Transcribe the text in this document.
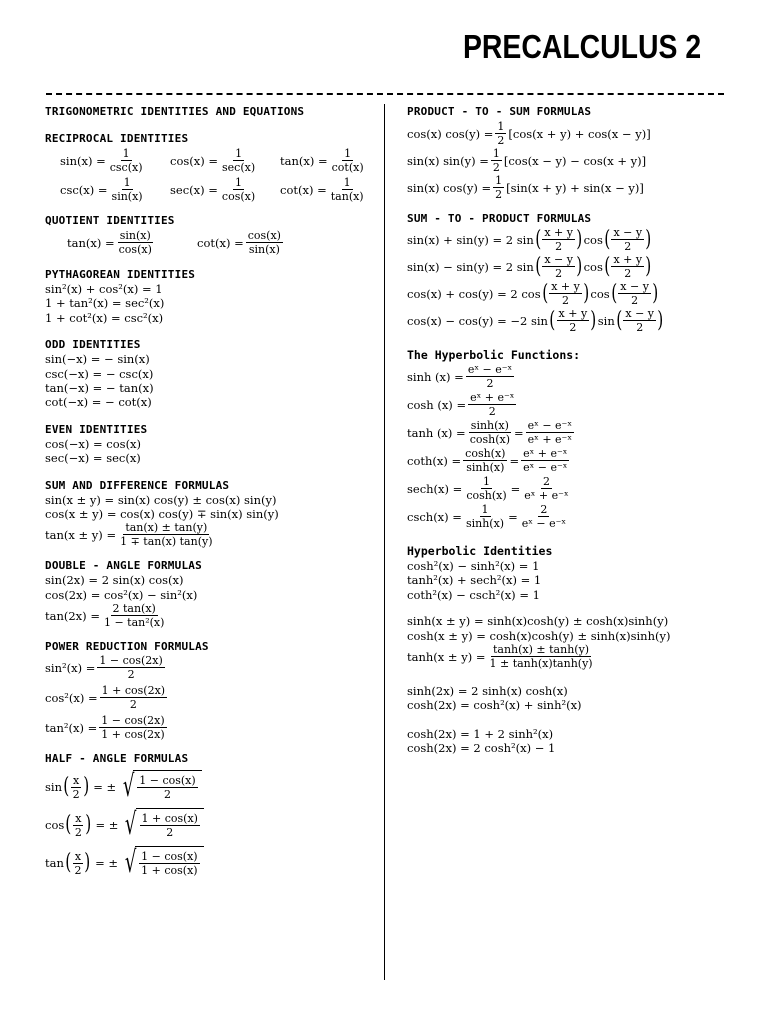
PRECALCULUS 2
TRIGONOMETRIC IDENTITIES AND EQUATIONS
RECIPROCAL IDENTITIES
$\sin(x) = \frac{1}{\csc(x)} \cos(x) = \frac{1}{\sec(x)} \tan(x) = \frac{1}{\cot(x)}$
$\csc(x) = \frac{1}{\sin(x)} \sec(x) = \frac{1}{\cos(x)} \cot(x) = \frac{1}{\tan(x)}$
QUOTIENT IDENTITIES
$\tan(x) = \frac{\sin(x)}{\cos(x)}$	$\cot(x) = \frac{\cos(x)}{\sin(x)}$
PYTHAGOREAN IDENTITIES
sin²(x) + cos²(x) = 1
1 + tan²(x) = sec²(x)
1 + cot²(x) = csc²(x)
ODD IDENTITIES
sin(−x) = − sin(x)
csc(−x) = − csc(x)
tan(−x) = − tan(x)
cot(−x) = − cot(x)
EVEN IDENTITIES
cos(−x) = cos(x)
sec(−x) = sec(x)
SUM AND DIFFERENCE FORMULAS
sin(x ± y) = sin(x) cos(y) ± cos(x) sin(y)
cos(x ± y) = cos(x) cos(y) ∓ sin(x) sin(y)
$\tan(x \pm y) = \frac{\tan(x) \pm \tan(y)}{1 \mp \tan(x) \tan(y)}$
DOUBLE - ANGLE FORMULAS
sin(2x) = 2 sin(x) cos(x)
cos(2x) = cos²(x) − sin²(x)
$\tan(2x) = \frac{2 \tan(x)}{\text{1 − tan²(x)}}$
POWER REDUCTION FORMULAS
$\sin^2(x) = \frac{1 - \cos(2x)}{2}$
$\cos^2(x) = \frac{1 + \cos(2x)}{2}$
$\tan^2(x) = \frac{1 - \cos(2x)}{1 + \cos(2x)}$
HALF - ANGLE FORMULAS
sin ( $\frac{x}{2}$ ) = ± √ $\frac{1 - \cos(x)}{2}$
cos ( $\frac{x}{2}$ ) = ± √ $\frac{1 + \cos(x)}{2}$
tan ( $\frac{x}{2}$ ) = ± √ $\frac{1 - \cos(x)}{1 + \cos(x)}$
PRODUCT - TO - SUM FORMULAS
cos(x) $\cos(y) = \frac{1}{2} [\cos(x + y) + \cos(x - y)]$
sin(x) $\sin(y) = \frac{1}{2} [\cos(x - y) - \cos(x + y)]$
sin(x) $\cos(y) = \frac{1}{2} [\sin(x + y) + \sin(x - y)]$
SUM - TO - PRODUCT FORMULAS
sin(x) + sin(y) = 2 sin ( $\frac{x + y}{2}$ ) cos ( $\frac{x - y}{2}$ )
sin(x) − sin(y) = 2 sin ( $\frac{x - y}{2}$ ) cos ( $\frac{x + y}{2}$ )
cos(x) + cos(y) = 2 cos ( $\frac{x + y}{2}$ ) cos ( $\frac{x - y}{2}$ )
cos(x) − cos(y) = −2 sin ( $\frac{x + y}{2}$ ) sin ( $\frac{x - y}{2}$ )
The Hyperbolic Functions:
$\sinh (x) = \frac{\text{eˣ − e⁻ˣ}}{2}$
$\cosh (x) = \frac{\text{eˣ + e⁻ˣ}}{2}$
$\tanh (x) = \frac{\sinh(x)}{\cosh(x)} = \frac{\text{eˣ − e⁻ˣ}}{\text{eˣ + e⁻ˣ}}$
$\cot h(x) = \frac{\cosh(x)}{\sinh(x)} = \frac{\text{eˣ + e⁻ˣ}}{\text{eˣ − e⁻ˣ}}$
$\sec h(x) = \frac{1}{\cosh(x)} = \frac{2}{\text{eˣ + e⁻ˣ}}$
$\csc h(x) = \frac{1}{\sinh(x)} = \frac{2}{\text{eˣ − e⁻ˣ}}$
Hyperbolic Identities
cosh²(x) − sinh²(x) = 1
tanh²(x) + sech²(x) = 1
coth²(x) − csch²(x) = 1
sinh(x ± y) = sinh(x)cosh(y) ± cosh(x)sinh(y)
cosh(x ± y) = cosh(x)cosh(y) ± sinh(x)sinh(y)
$\tanh(x \pm y) = \frac{\tanh(x) \pm \tanh(y)}{1 \pm \tanh(x)\tanh(y)}$
sinh(2x) = 2 sinh(x) cosh(x)
cosh(2x) = cosh²(x) + sinh²(x)
cosh(2x) = 1 + 2 sinh²(x)
cosh(2x) = 2 cosh²(x) − 1
